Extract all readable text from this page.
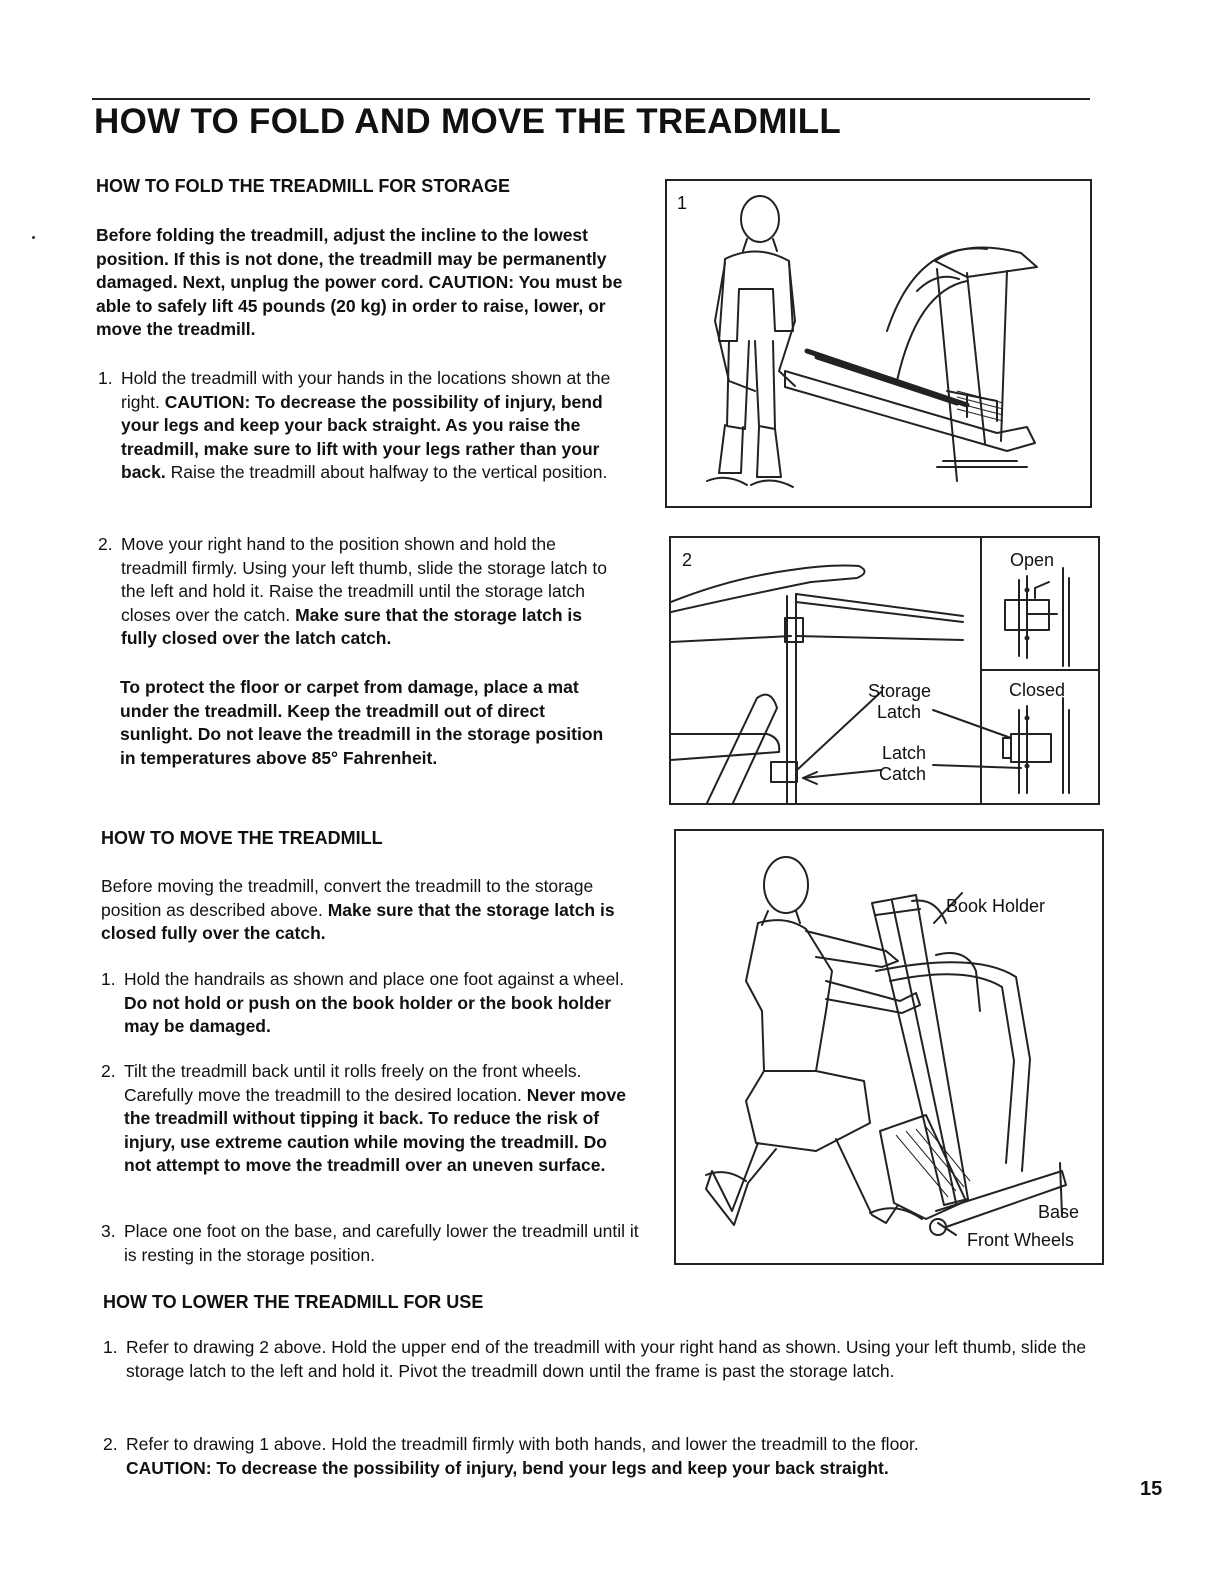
HOW TO FOLD AND MOVE THE TREADMILL
HOW TO FOLD THE TREADMILL FOR STORAGE

Before folding the treadmill, adjust the incline to the lowest position. If this is not done, the treadmill may be permanently damaged. Next, unplug the power cord. CAUTION: You must be able to safely lift 45 pounds (20 kg) in order to raise, lower, or move the treadmill.

1. Hold the treadmill with your hands in the locations shown at the right. CAUTION: To decrease the possibility of injury, bend your legs and keep your back straight. As you raise the treadmill, make sure to lift with your legs rather than your back. Raise the treadmill about halfway to the vertical position.
2. Move your right hand to the position shown and hold the treadmill firmly. Using your left thumb, slide the storage latch to the left and hold it. Raise the treadmill until the storage latch closes over the catch. Make sure that the storage latch is fully closed over the latch catch.

To protect the floor or carpet from damage, place a mat under the treadmill. Keep the treadmill out of direct sunlight. Do not leave the treadmill in the storage position in temperatures above 85° Fahrenheit.

HOW TO MOVE THE TREADMILL

Before moving the treadmill, convert the treadmill to the storage position as described above. Make sure that the storage latch is closed fully over the catch.

1. Hold the handrails as shown and place one foot against a wheel. Do not hold or push on the book holder or the book holder may be damaged.
2. Tilt the treadmill back until it rolls freely on the front wheels. Carefully move the treadmill to the desired location. Never move the treadmill without tipping it back. To reduce the risk of injury, use extreme caution while moving the treadmill. Do not attempt to move the treadmill over an uneven surface.
3. Place one foot on the base, and carefully lower the treadmill until it is resting in the storage position.
HOW TO LOWER THE TREADMILL FOR USE
1. Refer to drawing 2 above. Hold the upper end of the treadmill with your right hand as shown. Using your left thumb, slide the storage latch to the left and hold it. Pivot the treadmill down until the frame is past the storage latch.
2. Refer to drawing 1 above. Hold the treadmill firmly with both hands, and lower the treadmill to the floor.
CAUTION: To decrease the possibility of injury, bend your legs and keep your back straight.
15
1
2	Open
Closed
Storage
Latch
Latch
Catch
Book Holder
Base
Front Wheels
